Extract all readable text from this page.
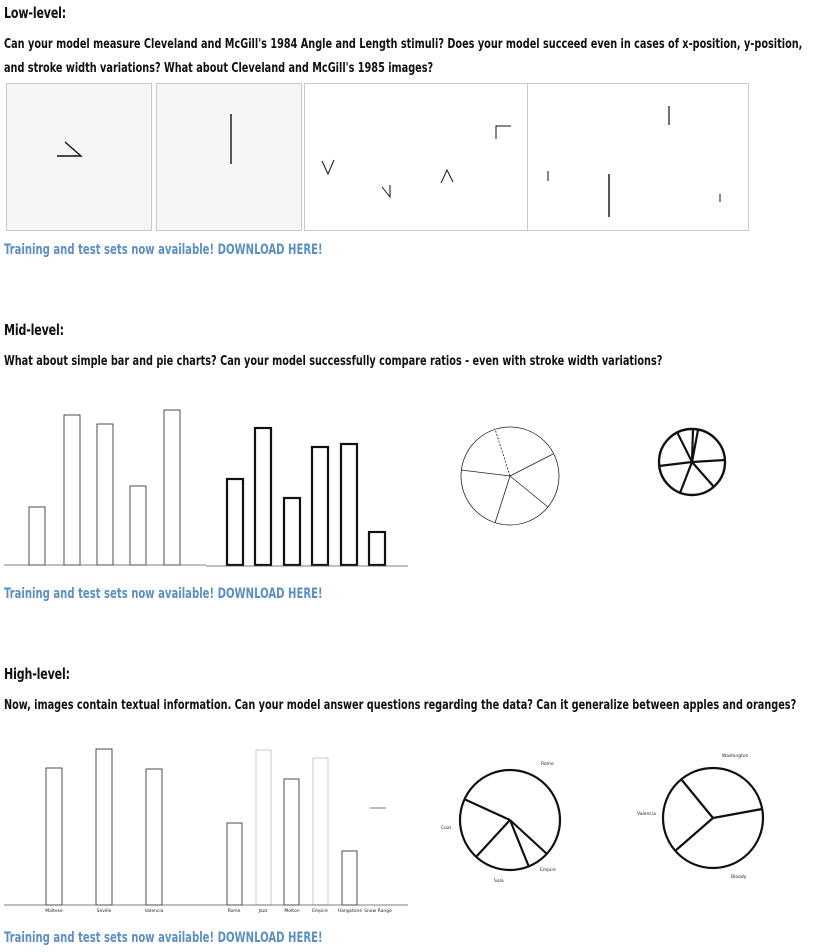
Low-level:
Can your model measure Cleveland and McGill's 1984 Angle and Length stimuli? Does your model succeed even in cases of x-position, y-position,
and stroke width variations? What about Cleveland and McGill's 1985 images?
Training and test sets now available! DOWNLOAD HERE!
Mid-level:
What about simple bar and pie charts? Can your model successfully compare ratios - even with stroke width variations?
Training and test sets now available! DOWNLOAD HERE!
High-level:
Now, images contain textual information. Can your model answer questions regarding the data? Can it generalize between apples and oranges?
Maltese	Seville	Valencia	Rome	Jazz	Melton	Empire Hangstone Snow Range
Rome
Coal
Empire
Sala
Washington
Valencia
Bloody
Training and test sets now available! DOWNLOAD HERE!
